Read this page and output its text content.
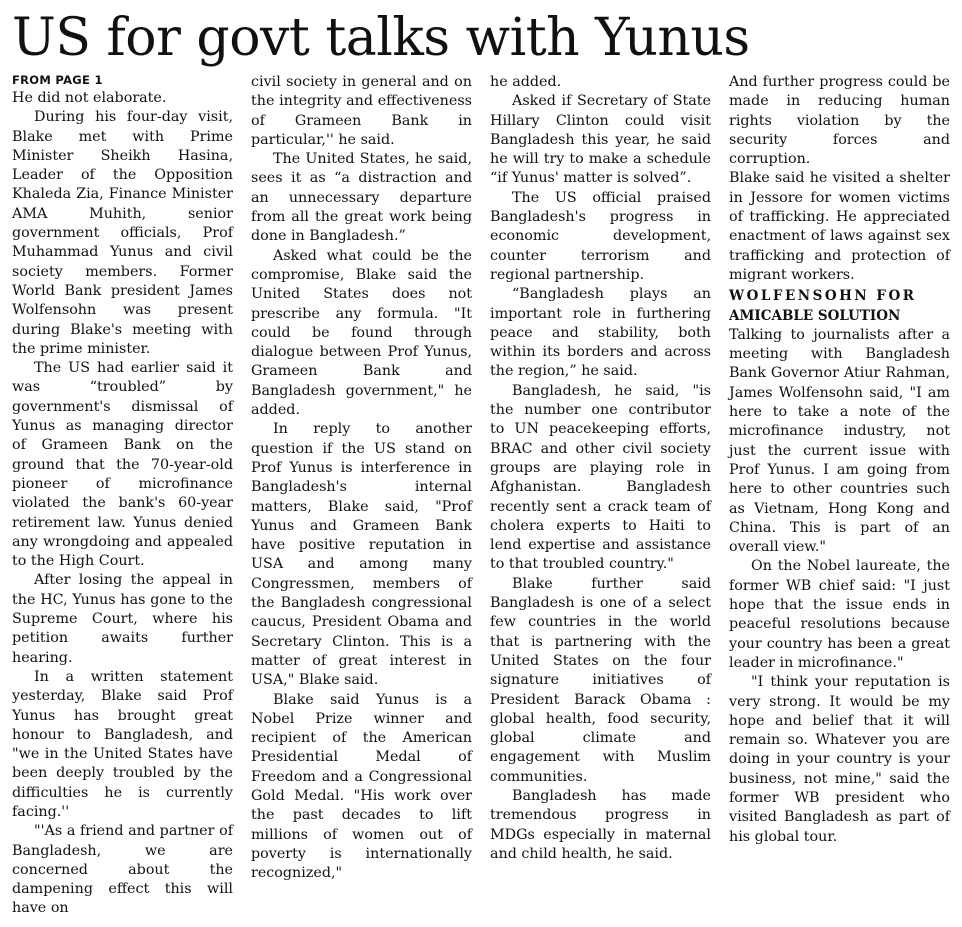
US for govt talks with Yunus
FROM PAGE 1

He did not elaborate.

During his four-day visit, Blake met with Prime Minister Sheikh Hasina, Leader of the Opposition Khaleda Zia, Finance Minister AMA Muhith, senior government officials, Prof Muhammad Yunus and civil society members. Former World Bank president James Wolfensohn was present during Blake's meeting with the prime minister.

The US had earlier said it was “troubled” by government's dismissal of Yunus as managing director of Grameen Bank on the ground that the 70-year-old pioneer of microfinance violated the bank's 60-year retirement law. Yunus denied any wrongdoing and appealed to the High Court.

After losing the appeal in the HC, Yunus has gone to the Supreme Court, where his petition awaits further hearing.

In a written statement yesterday, Blake said Prof Yunus has brought great honour to Bangladesh, and "we in the United States have been deeply troubled by the difficulties he is currently facing.''

"'As a friend and partner of Bangladesh, we are concerned about the dampening effect this will have on

civil society in general and on the integrity and effectiveness of Grameen Bank in particular,'' he said.

The United States, he said, sees it as “a distraction and an unnecessary departure from all the great work being done in Bangladesh.”

Asked what could be the compromise, Blake said the United States does not prescribe any formula. "It could be found through dialogue between Prof Yunus, Grameen Bank and Bangladesh government," he added.

In reply to another question if the US stand on Prof Yunus is interference in Bangladesh's internal matters, Blake said, "Prof Yunus and Grameen Bank have positive reputation in USA and among many Congressmen, members of the Bangladesh congressional caucus, President Obama and Secretary Clinton. This is a matter of great interest in USA," Blake said.

Blake said Yunus is a Nobel Prize winner and recipient of the American Presidential Medal of Freedom and a Congressional Gold Medal. "His work over the past decades to lift millions of women out of poverty is internationally recognized,"

he added.

Asked if Secretary of State Hillary Clinton could visit Bangladesh this year, he said he will try to make a schedule “if Yunus' matter is solved”.

The US official praised Bangladesh's progress in economic development, counter terrorism and regional partnership.

“Bangladesh plays an important role in furthering peace and stability, both within its borders and across the region,” he said.

Bangladesh, he said, "is the number one contributor to UN peacekeeping efforts, BRAC and other civil society groups are playing role in Afghanistan. Bangladesh recently sent a crack team of cholera experts to Haiti to lend expertise and assistance to that troubled country."

Blake further said Bangladesh is one of a select few countries in the world that is partnering with the United States on the four signature initiatives of President Barack Obama : global health, food security, global climate and engagement with Muslim communities.

Bangladesh has made tremendous progress in MDGs especially in maternal and child health, he said.

And further progress could be made in reducing human rights violation by the security forces and corruption.

Blake said he visited a shelter in Jessore for women victims of trafficking. He appreciated enactment of laws against sex trafficking and protection of migrant workers.

WOLFENSOHN FOR
AMICABLE SOLUTION

Talking to journalists after a meeting with Bangladesh Bank Governor Atiur Rahman, James Wolfensohn said, "I am here to take a note of the microfinance industry, not just the current issue with Prof Yunus. I am going from here to other countries such as Vietnam, Hong Kong and China. This is part of an overall view."

On the Nobel laureate, the former WB chief said: "I just hope that the issue ends in peaceful resolutions because your country has been a great leader in microfinance."

"I think your reputation is very strong. It would be my hope and belief that it will remain so. Whatever you are doing in your country is your business, not mine," said the former WB president who visited Bangladesh as part of his global tour.
